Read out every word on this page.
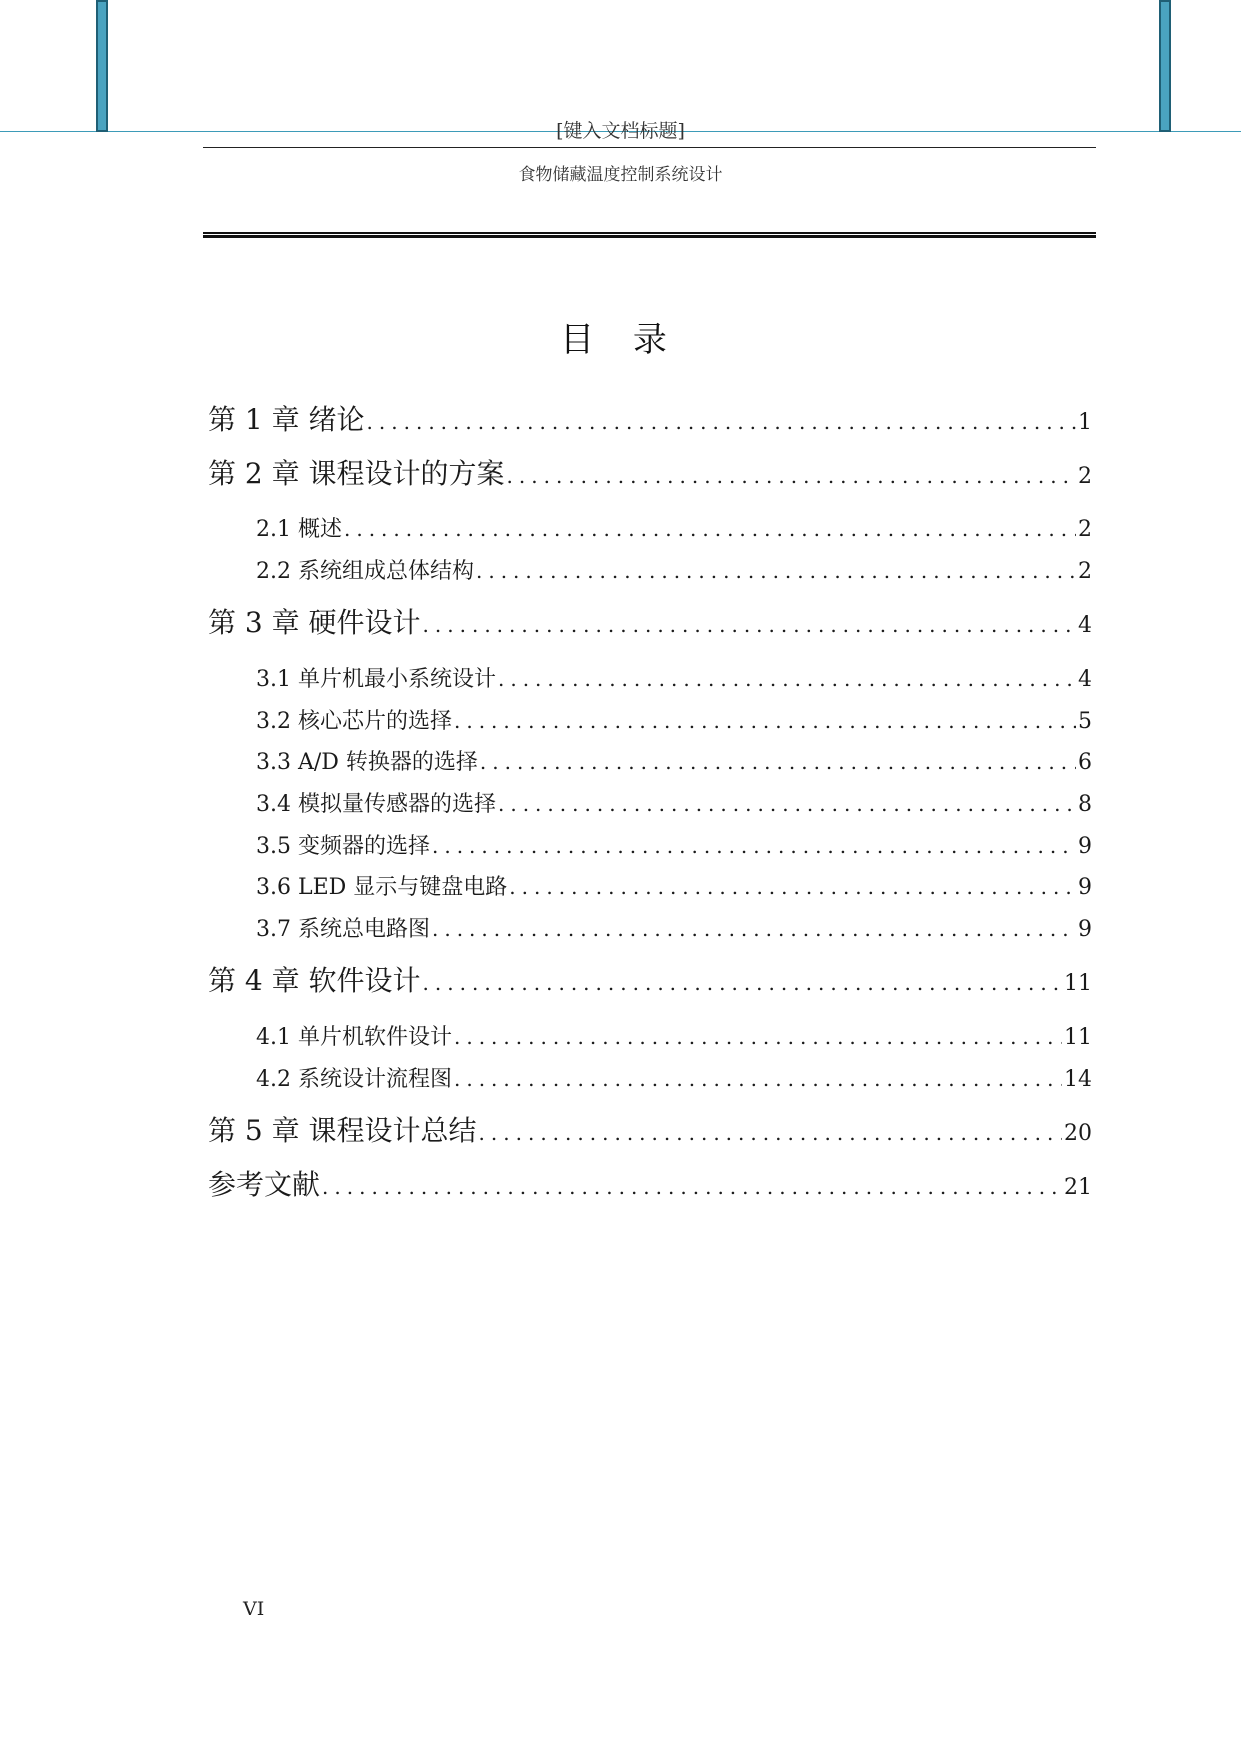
[键入文档标题]
食物储藏温度控制系统设计
目 录
第 1 章 绪论 .....	1
第 2 章 课程设计的方案 .....	2
2.1 概述 .....	2
2.2 系统组成总体结构 .....	2
第 3 章 硬件设计 .....	4
3.1 单片机最小系统设计 .....	4
3.2 核心芯片的选择 .....	5
3.3 A/D 转换器的选择 .....	6
3.4 模拟量传感器的选择 .....	8
3.5 变频器的选择 .....	9
3.6 LED 显示与键盘电路 .....	9
3.7 系统总电路图 .....	9
第 4 章 软件设计 .....	11
4.1 单片机软件设计 .....	11
4.2 系统设计流程图 .....	14
第 5 章 课程设计总结 .....	20
参考文献 .....	21
VI
